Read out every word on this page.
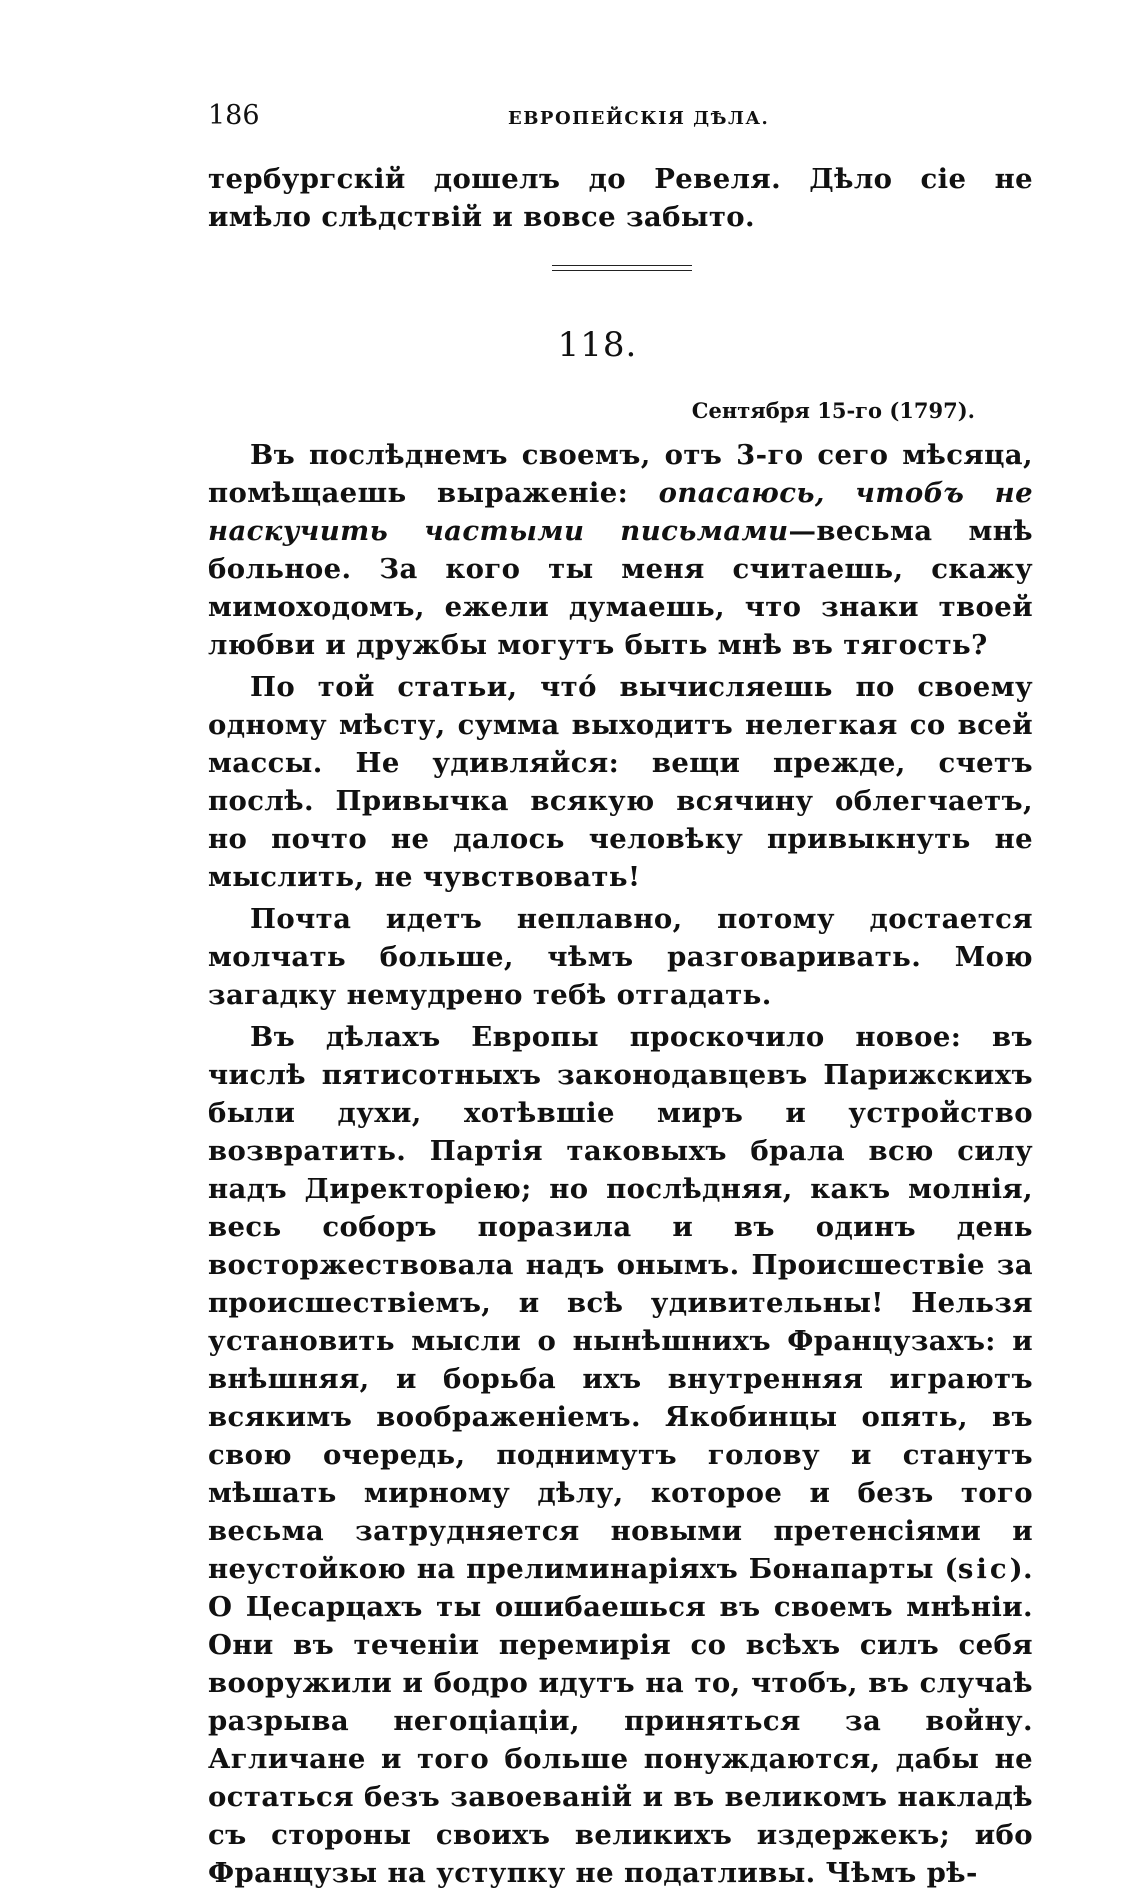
186	ЕВРОПЕЙСКІЯ ДѢЛА.
тербургскій дошелъ до Ревеля. Дѣло сіе не имѣло слѣдствій и вовсе забыто.
118.
Сентября 15-го (1797).

Въ послѣднемъ своемъ, отъ 3-го сего мѣсяца, помѣщаешь выраженіе: опасаюсь, чтобъ не наскучить частыми письмами—весьма мнѣ больное. За кого ты меня считаешь, скажу мимоходомъ, ежели думаешь, что знаки твоей любви и дружбы могутъ быть мнѣ въ тягость?

По той статьи, чтó вычисляешь по своему одному мѣсту, сумма выходитъ нелегкая со всей массы. Не удивляйся: вещи прежде, счетъ послѣ. Привычка всякую всячину облегчаетъ, но почто не далось человѣку привыкнуть не мыслить, не чувствовать!

Почта идетъ неплавно, потому достается молчать больше, чѣмъ разговаривать. Мою загадку немудрено тебѣ отгадать.

Въ дѣлахъ Европы проскочило новое: въ числѣ пятисотныхъ законодавцевъ Парижскихъ были духи, хотѣвшіе миръ и устройство возвратить. Партія таковыхъ брала всю силу надъ Директоріею; но послѣдняя, какъ молнія, весь соборъ поразила и въ одинъ день восторжествовала надъ онымъ. Происшествіе за происшествіемъ, и всѣ удивительны! Нельзя установить мысли о нынѣшнихъ Французахъ: и внѣшняя, и борьба ихъ внутренняя играютъ всякимъ воображеніемъ. Якобинцы опять, въ свою очередь, поднимутъ голову и станутъ мѣшать мирному дѣлу, которое и безъ того весьма затрудняется новыми претенсіями и неустойкою на прелиминаріяхъ Бонапарты (sic). О Цесарцахъ ты ошибаешься въ своемъ мнѣніи. Они въ теченіи перемирія со всѣхъ силъ себя вооружили и бодро идутъ на то, чтобъ, въ случаѣ разрыва негоціаціи, приняться за войну. Агличане и того больше понуждаются, дабы не остаться безъ завоеваній и въ великомъ накладѣ съ стороны своихъ великихъ издержекъ; ибо Французы на уступку не податливы. Чѣмъ рѣ-
